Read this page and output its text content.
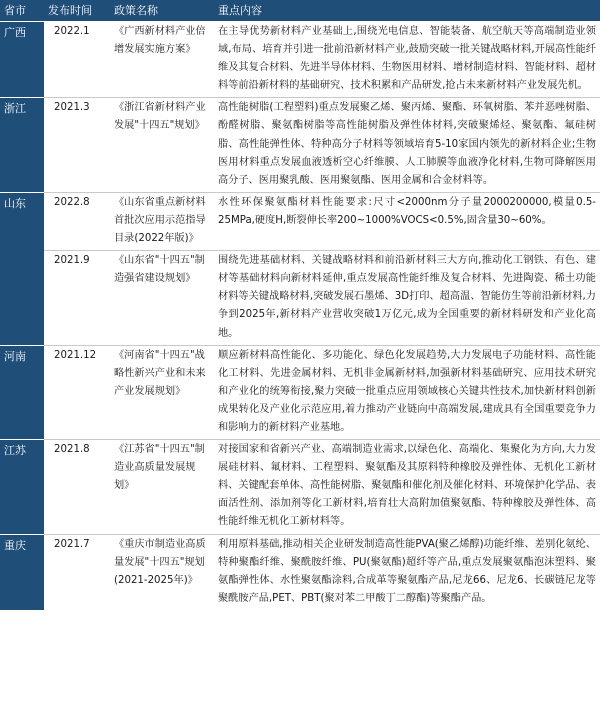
省市	发布时间	政策名称	重点内容
广西	2022.1	《广西新材料产业倍增发展实施方案》	在主导优势新材料产业基础上,围绕光电信息、智能装备、航空航天等高端制造业领域,布局、培育并引进一批前沿新材料产业,鼓励突破一批关键战略材料,开展高性能纤维及其复合材料、先进半导体材料、生物医用材料、增材制造材料、智能材料、超材料等前沿新材料的基础研究、技术积累和产品研发,抢占未来新材料产业发展先机。
浙江	2021.3	《浙江省新材料产业发展"十四五"规划》	高性能树脂(工程塑料)重点发展聚乙烯、聚丙烯、聚酯、环氧树脂、苯并恶唑树脂、酚醛树脂、聚氨酯树脂等高性能树脂及弹性体材料,突破聚烯烃、聚氨酯、氟硅树脂、高性能弹性体、特种高分子材料等领域培育5-10家国内领先的新材料企业;生物医用材料重点发展血液透析空心纤维膜、人工肺膜等血液净化材料,生物可降解医用高分子、医用聚乳酸、医用聚氨酯、医用金属和合金材料等。
山东	2022.8	《山东省重点新材料首批次应用示范指导目录(2022年版)》	水性环保聚氨酯材料性能要求:尺寸<2000nm分子量2000200000,模量0.5-25MPa,硬度H,断裂伸长率200~1000%VOCS<0.5%,固含量30~60%。
	2021.9	《山东省"十四五"制造强省建设规划》	围绕先进基础材料、关键战略材料和前沿新材料三大方向,推动化工钢铁、有色、建材等基础材料向新材料延伸,重点发展高性能纤维及复合材料、先进陶瓷、稀土功能材料等关键战略材料,突破发展石墨烯、3D打印、超高温、智能仿生等前沿新材料,力争到2025年,新材料产业营收突破1万亿元,成为全国重要的新材料研发和产业化高地。
河南	2021.12	《河南省"十四五"战略性新兴产业和未来产业发展规划》	顺应新材料高性能化、多功能化、绿色化发展趋势,大力发展电子功能材料、高性能化工材料、先进金属材料、无机非金属新材料,加强新材料基础研究、应用技术研究和产业化的统筹衔接,聚力突破一批重点应用领域核心关键共性技术,加快新材料创新成果转化及产业化示范应用,着力推动产业链向中高端发展,建成具有全国重要竞争力和影响力的新材料产业基地。
江苏	2021.8	《江苏省"十四五"制造业高质量发展规划》	对接国家和省新兴产业、高端制造业需求,以绿色化、高端化、集聚化为方向,大力发展硅材料、氟材料、工程塑料、聚氨酯及其原料特种橡胶及弹性体、无机化工新材料、关键配套单体、高性能树脂、聚氨酯和催化剂及催化材料、环境保护化学品、表面活性剂、添加剂等化工新材料,培育壮大高附加值聚氨酯、特种橡胶及弹性体、高性能纤维无机化工新材料等。
重庆	2021.7	《重庆市制造业高质量发展"十四五"规划(2021-2025年)》	利用原料基础,推动相关企业研发制造高性能PVA(聚乙烯醇)功能纤维、差别化氨纶、特种聚酯纤维、聚酰胺纤维、PU(聚氨酯)超纤等产品,重点发展聚氨酯泡沫塑料、聚氨酯弹性体、水性聚氨酯涂料,合成革等聚氨酯产品,尼龙66、尼龙6、长碳链尼龙等聚酰胺产品,PET、PBT(聚对苯二甲酸丁二醇酯)等聚酯产品。
